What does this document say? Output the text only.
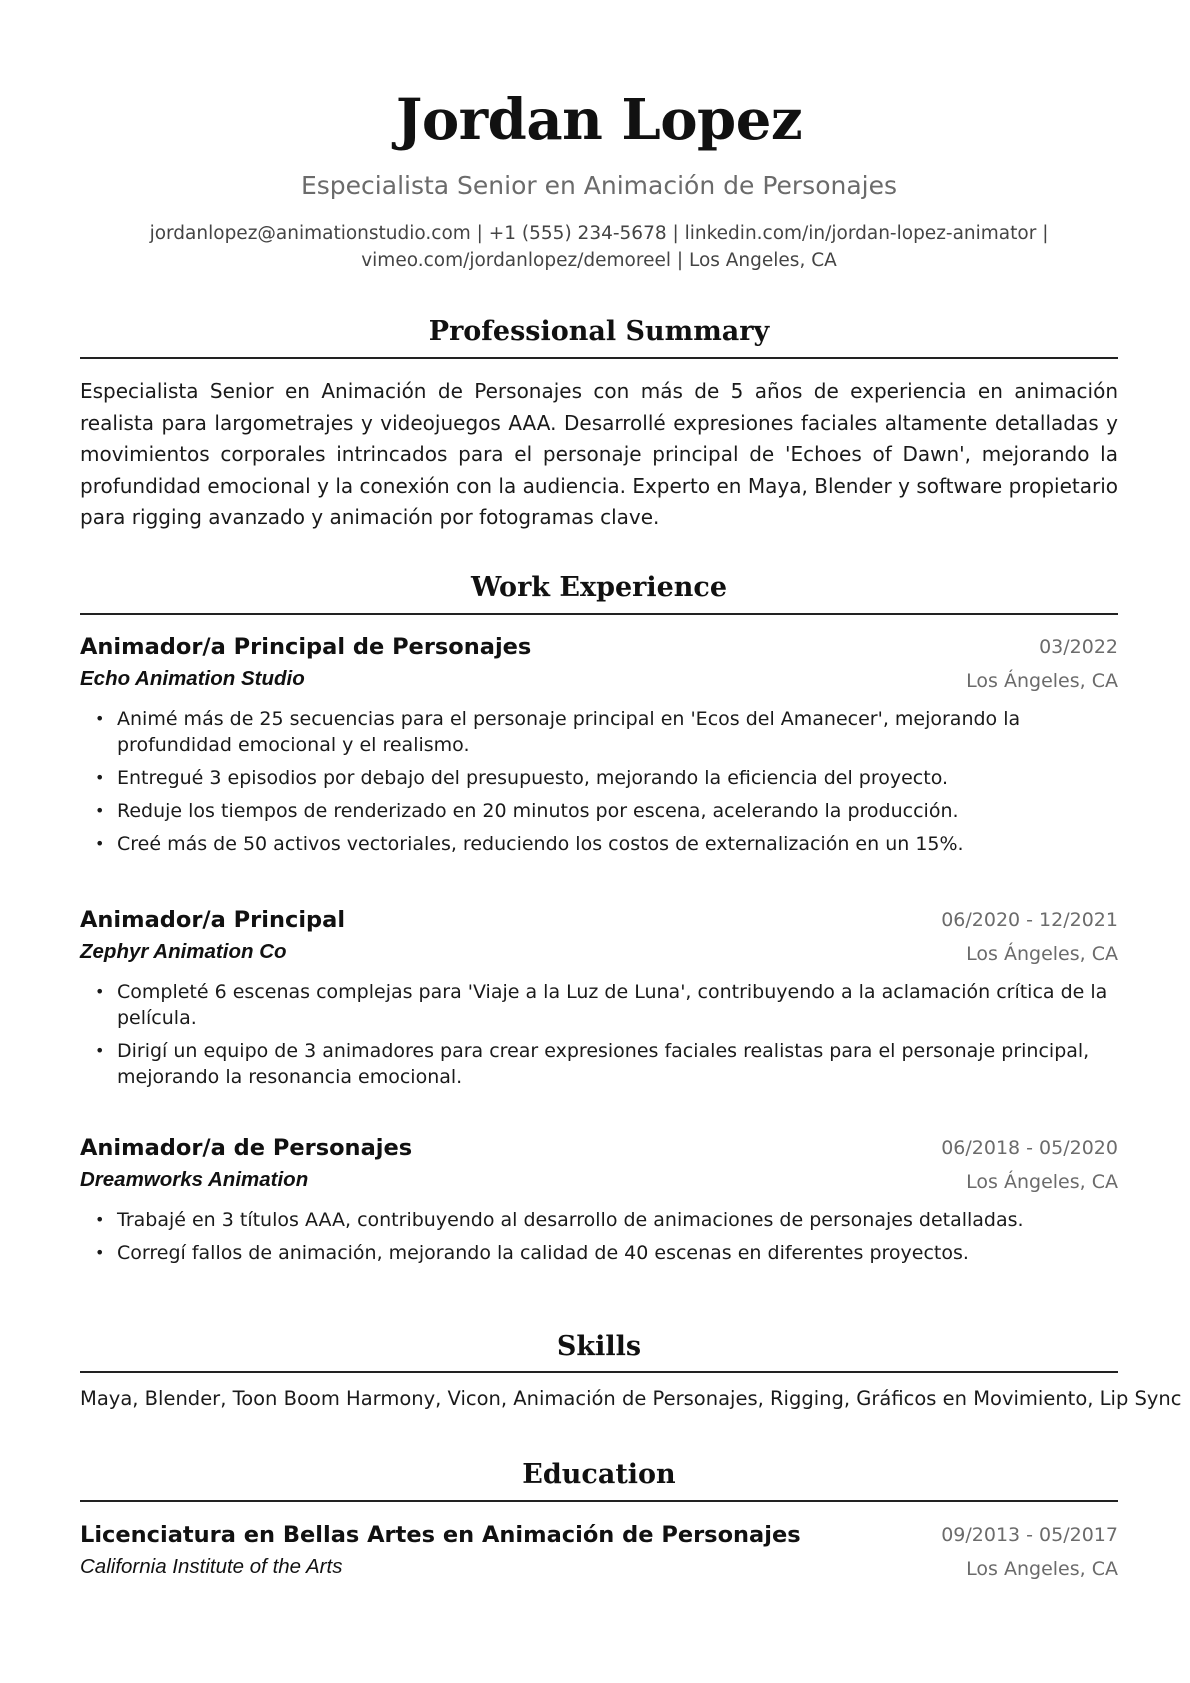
Jordan Lopez
Especialista Senior en Animación de Personajes
jordanlopez@animationstudio.com | +1 (555) 234-5678 | linkedin.com/in/jordan-lopez-animator |
vimeo.com/jordanlopez/demoreel | Los Angeles, CA
Professional Summary
Especialista Senior en Animación de Personajes con más de 5 años de experiencia en animación realista para largometrajes y videojuegos AAA. Desarrollé expresiones faciales altamente detalladas y movimientos corporales intrincados para el personaje principal de 'Echoes of Dawn', mejorando la profundidad emocional y la conexión con la audiencia. Experto en Maya, Blender y software propietario para rigging avanzado y animación por fotogramas clave.
Work Experience
Animador/a Principal de Personajes	03/2022
Echo Animation Studio	Los Ángeles, CA
• Animé más de 25 secuencias para el personaje principal en 'Ecos del Amanecer', mejorando la profundidad emocional y el realismo.
• Entregué 3 episodios por debajo del presupuesto, mejorando la eficiencia del proyecto.
• Reduje los tiempos de renderizado en 20 minutos por escena, acelerando la producción.
• Creé más de 50 activos vectoriales, reduciendo los costos de externalización en un 15%.
Animador/a Principal	06/2020 - 12/2021
Zephyr Animation Co	Los Ángeles, CA
• Completé 6 escenas complejas para 'Viaje a la Luz de Luna', contribuyendo a la aclamación crítica de la película.
• Dirigí un equipo de 3 animadores para crear expresiones faciales realistas para el personaje principal, mejorando la resonancia emocional.
Animador/a de Personajes	06/2018 - 05/2020
Dreamworks Animation	Los Ángeles, CA
• Trabajé en 3 títulos AAA, contribuyendo al desarrollo de animaciones de personajes detalladas.
• Corregí fallos de animación, mejorando la calidad de 40 escenas en diferentes proyectos.
Skills
Maya, Blender, Toon Boom Harmony, Vicon, Animación de Personajes, Rigging, Gráficos en Movimiento, Lip Sync
Education
Licenciatura en Bellas Artes en Animación de Personajes	09/2013 - 05/2017
California Institute of the Arts	Los Angeles, CA
